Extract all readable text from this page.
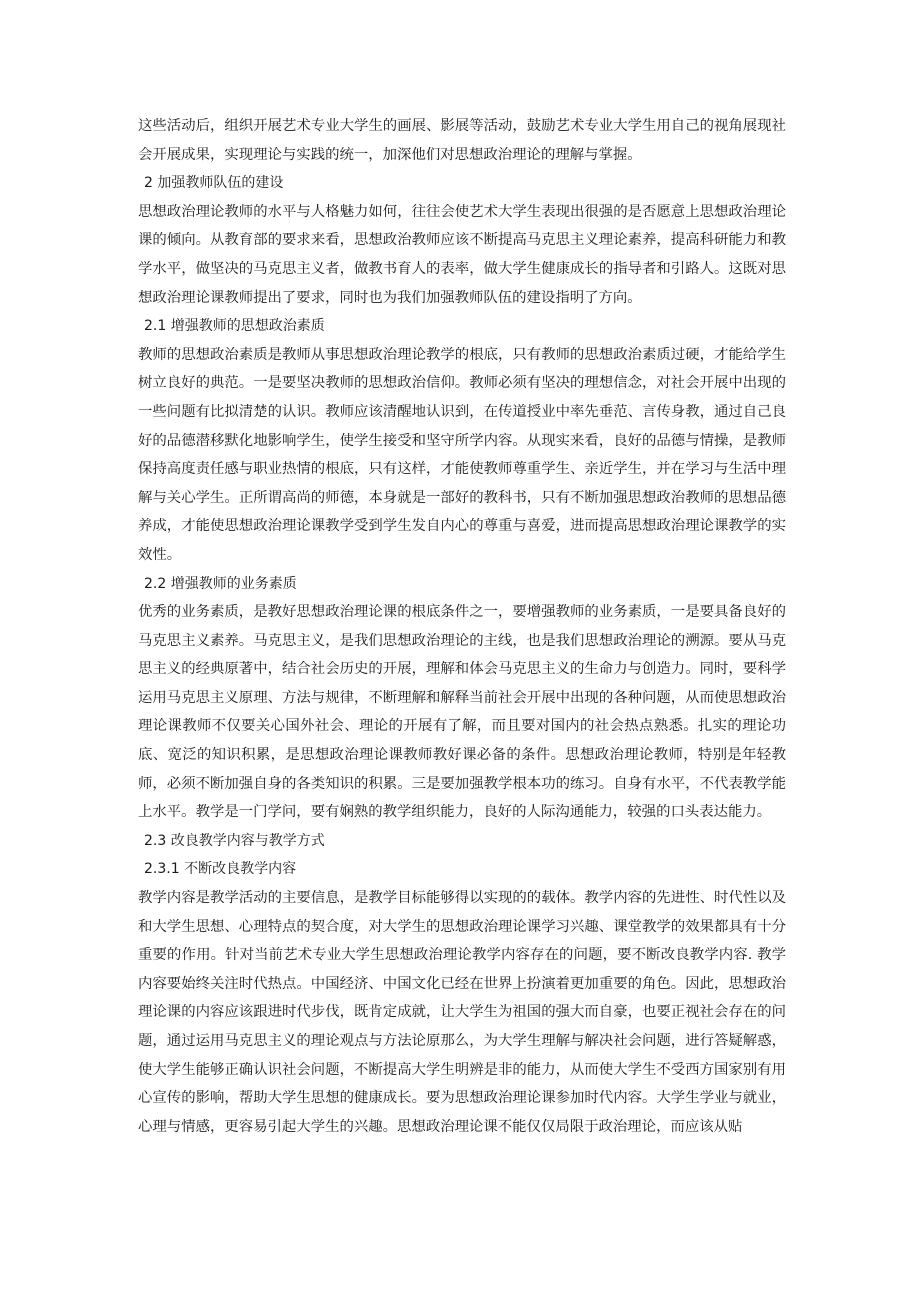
这些活动后，组织开展艺术专业大学生的画展、影展等活动，鼓励艺术专业大学生用自己的视角展现社会开展成果，实现理论与实践的统一，加深他们对思想政治理论的理解与掌握。

2 加强教师队伍的建设

思想政治理论教师的水平与人格魅力如何，往往会使艺术大学生表现出很强的是否愿意上思想政治理论课的倾向。从教育部的要求来看，思想政治教师应该不断提高马克思主义理论素养，提高科研能力和教学水平，做坚决的马克思主义者，做教书育人的表率，做大学生健康成长的指导者和引路人。这既对思想政治理论课教师提出了要求，同时也为我们加强教师队伍的建设指明了方向。

2.1 增强教师的思想政治素质

教师的思想政治素质是教师从事思想政治理论教学的根底，只有教师的思想政治素质过硬，才能给学生树立良好的典范。一是要坚决教师的思想政治信仰。教师必须有坚决的理想信念，对社会开展中出现的一些问题有比拟清楚的认识。教师应该清醒地认识到，在传道授业中率先垂范、言传身教，通过自己良好的品德潜移默化地影响学生，使学生接受和坚守所学内容。从现实来看，良好的品德与情操，是教师保持高度责任感与职业热情的根底，只有这样，才能使教师尊重学生、亲近学生，并在学习与生活中理解与关心学生。正所谓高尚的师德，本身就是一部好的教科书，只有不断加强思想政治教师的思想品德养成，才能使思想政治理论课教学受到学生发自内心的尊重与喜爱，进而提高思想政治理论课教学的实效性。

2.2 增强教师的业务素质

优秀的业务素质，是教好思想政治理论课的根底条件之一，要增强教师的业务素质，一是要具备良好的马克思主义素养。马克思主义，是我们思想政治理论的主线，也是我们思想政治理论的溯源。要从马克思主义的经典原著中，结合社会历史的开展，理解和体会马克思主义的生命力与创造力。同时，要科学运用马克思主义原理、方法与规律，不断理解和解释当前社会开展中出现的各种问题，从而使思想政治理论课教师不仅要关心国外社会、理论的开展有了解，而且要对国内的社会热点熟悉。扎实的理论功底、宽泛的知识积累，是思想政治理论课教师教好课必备的条件。思想政治理论教师，特别是年轻教师，必须不断加强自身的各类知识的积累。三是要加强教学根本功的练习。自身有水平，不代表教学能上水平。教学是一门学问，要有娴熟的教学组织能力，良好的人际沟通能力，较强的口头表达能力。

2.3 改良教学内容与教学方式

2.3.1 不断改良教学内容

教学内容是教学活动的主要信息，是教学目标能够得以实现的的载体。教学内容的先进性、时代性以及和大学生思想、心理特点的契合度，对大学生的思想政治理论课学习兴趣、课堂教学的效果都具有十分重要的作用。针对当前艺术专业大学生思想政治理论教学内容存在的问题，要不断改良教学内容. 教学内容要始终关注时代热点。中国经济、中国文化已经在世界上扮演着更加重要的角色。因此，思想政治理论课的内容应该跟进时代步伐，既肯定成就，让大学生为祖国的强大而自豪，也要正视社会存在的问题，通过运用马克思主义的理论观点与方法论原那么，为大学生理解与解决社会问题，进行答疑解惑，使大学生能够正确认识社会问题，不断提高大学生明辨是非的能力，从而使大学生不受西方国家别有用心宣传的影响，帮助大学生思想的健康成长。要为思想政治理论课参加时代内容。大学生学业与就业，心理与情感，更容易引起大学生的兴趣。思想政治理论课不能仅仅局限于政治理论，而应该从贴
